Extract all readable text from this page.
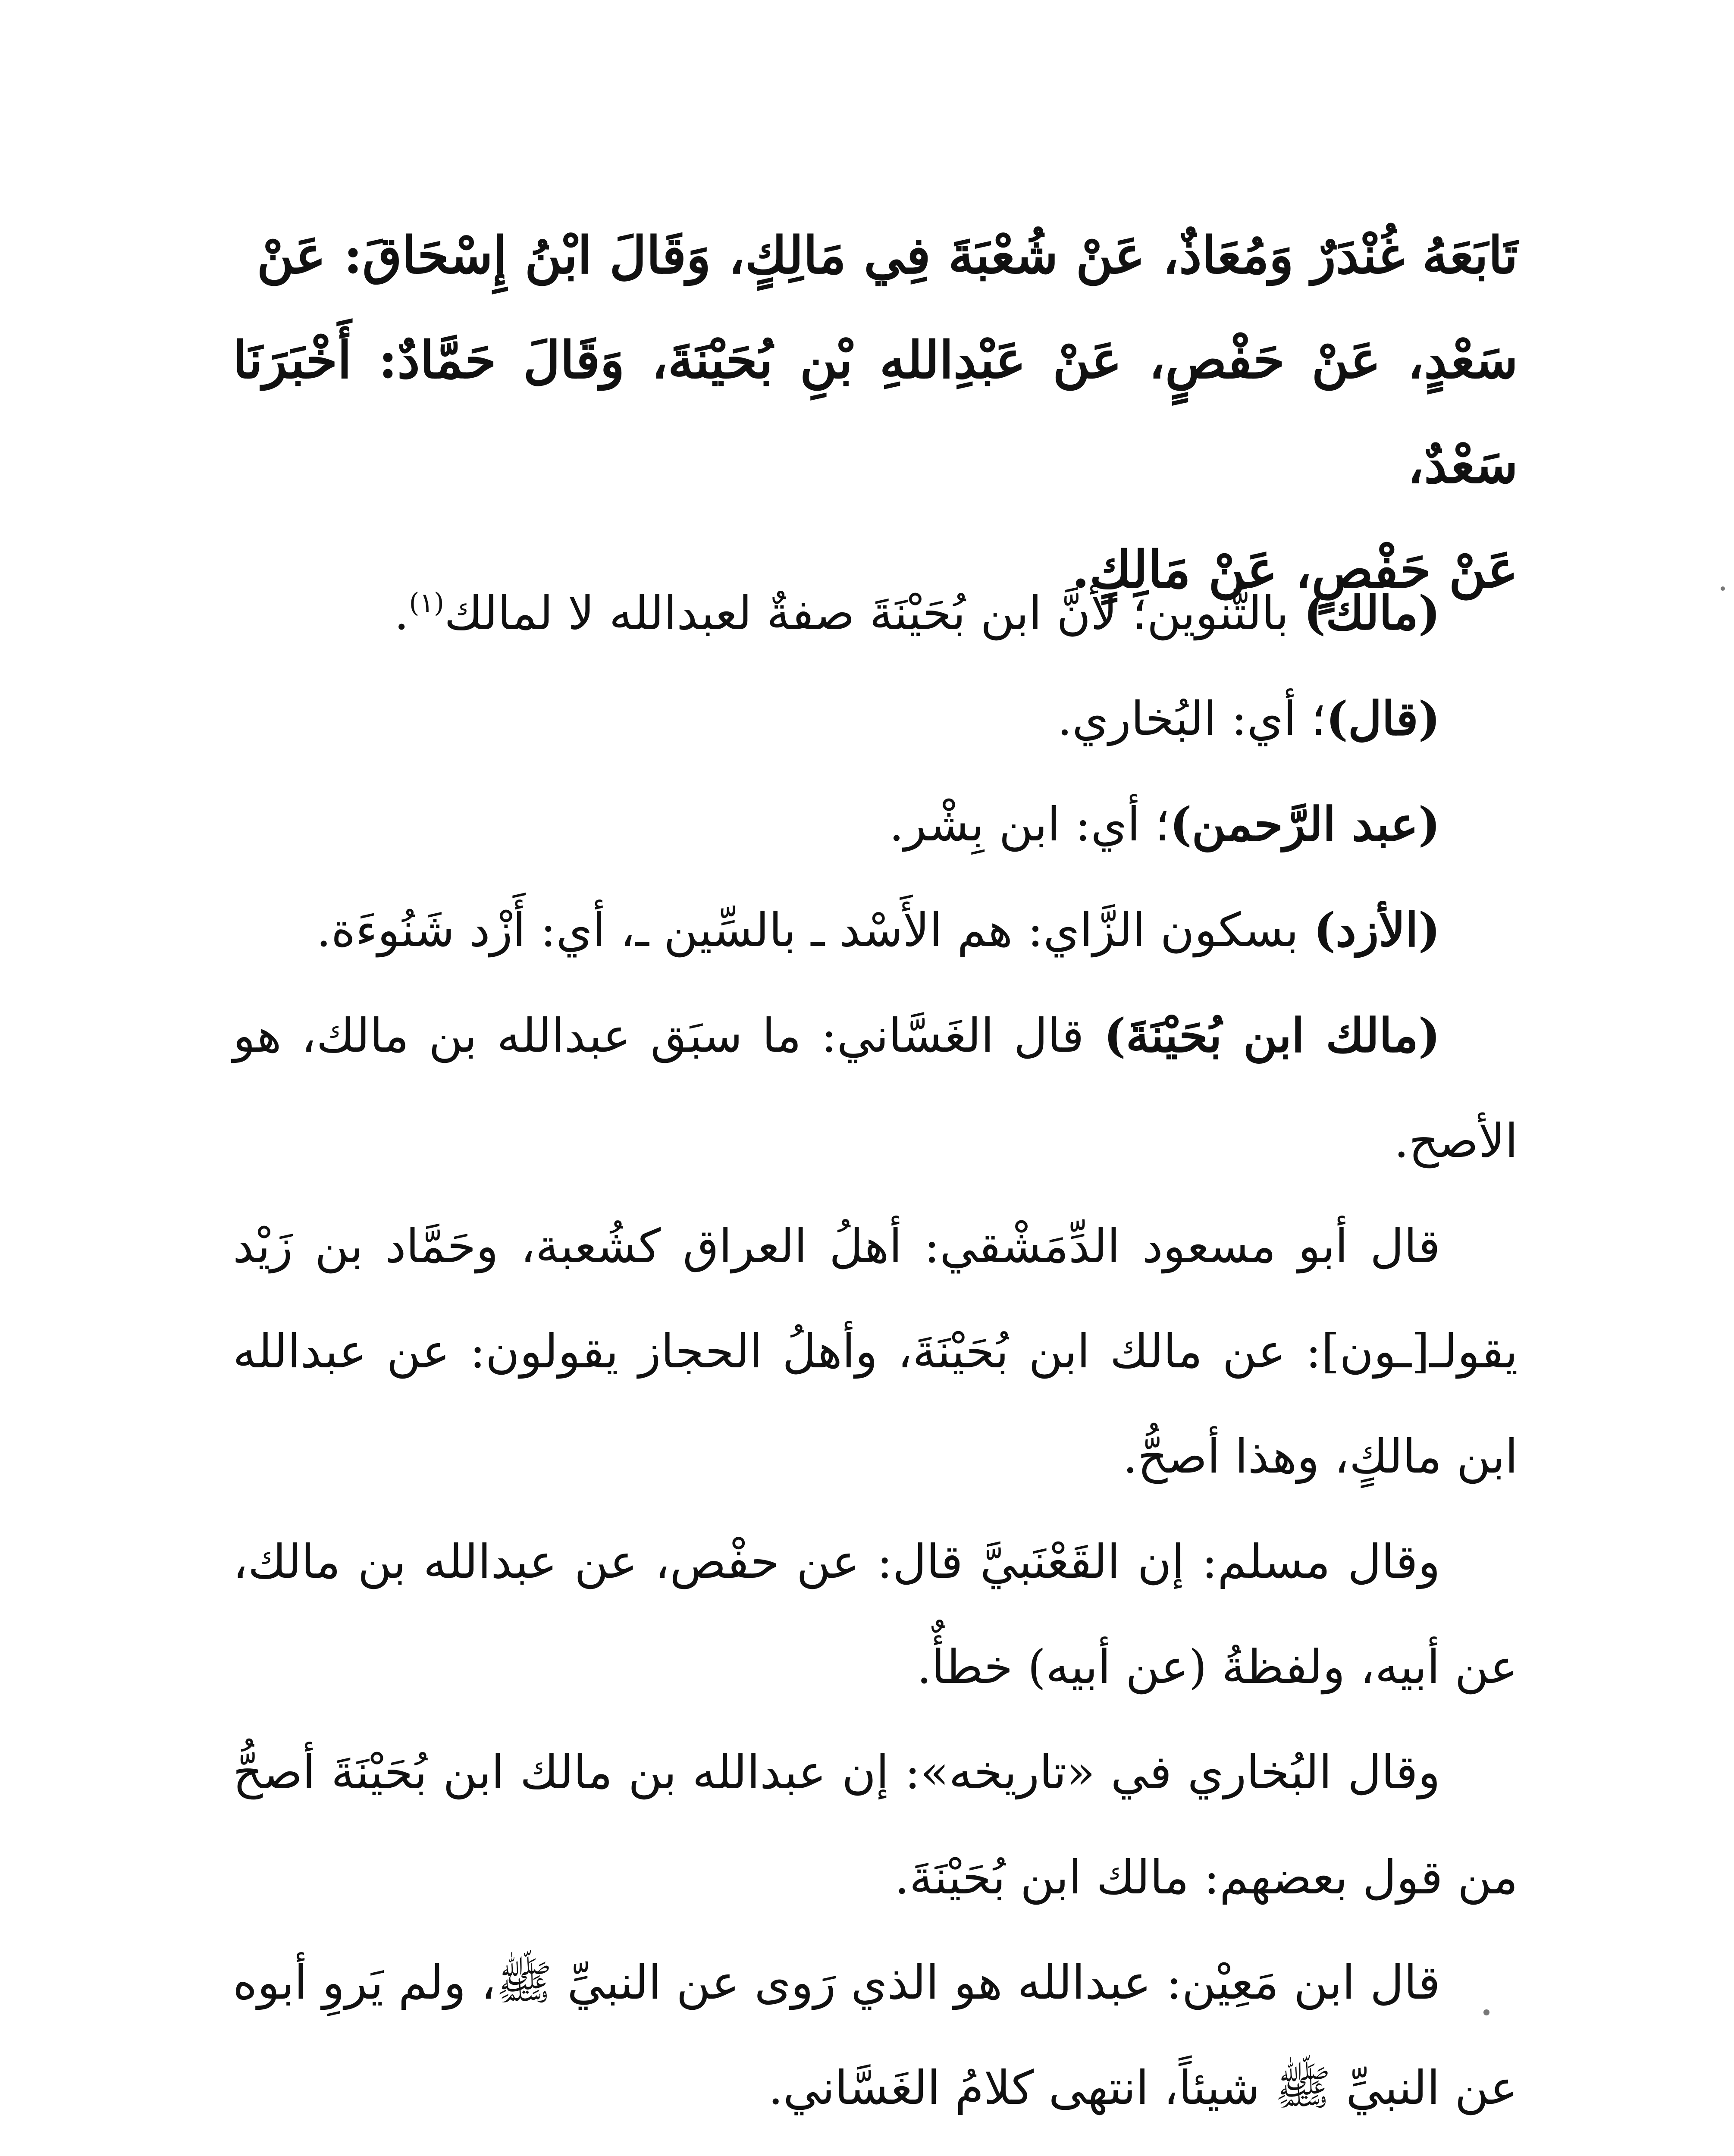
تَابَعَهُ غُنْدَرٌ وَمُعَاذٌ، عَنْ شُعْبَةَ فِي مَالِكٍ، وَقَالَ ابْنُ إِسْحَاقَ: عَنْ

سَعْدٍ، عَنْ حَفْصٍ، عَنْ عَبْدِاللهِ بْنِ بُحَيْنَةَ، وَقَالَ حَمَّادٌ: أَخْبَرَنَا سَعْدٌ،

عَنْ حَفْصٍ، عَنْ مَالِكٍ.

(مالك) بالتَّنوين؛ لأنَّ ابن بُحَيْنَةَ صفةٌ لعبدالله لا لمالك$^{(١)}$.

(قال)؛ أي: البُخاري.

(عبد الرَّحمن)؛ أي: ابن بِشْر.

(الأزد) بسكون الزَّاي: هم الأَسْد ـ بالسِّين ـ، أي: أَزْد شَنُوءَة.

(مالك ابن بُحَيْنَةَ) قال الغَسَّاني: ما سبَق عبدالله بن مالك، هو الأصح.

قال أبو مسعود الدِّمَشْقي: أهلُ العراق كشُعبة، وحَمَّاد بن زَيْد يقولـ[ـون]: عن مالك ابن بُحَيْنَةَ، وأهلُ الحجاز يقولون: عن عبدالله ابن مالكٍ، وهذا أصحُّ.

وقال مسلم: إن القَعْنَبيَّ قال: عن حفْص، عن عبدالله بن مالك، عن أبيه، ولفظةُ (عن أبيه) خطأٌ.

وقال البُخاري في «تاريخه»: إن عبدالله بن مالك ابن بُحَيْنَةَ أصحُّ من قول بعضهم: مالك ابن بُحَيْنَةَ.

قال ابن مَعِيْن: عبدالله هو الذي رَوى عن النبيِّ ﷺ، ولم يَروِ أبوه عن النبيِّ ﷺ شيئاً، انتهى كلامُ الغَسَّاني.
